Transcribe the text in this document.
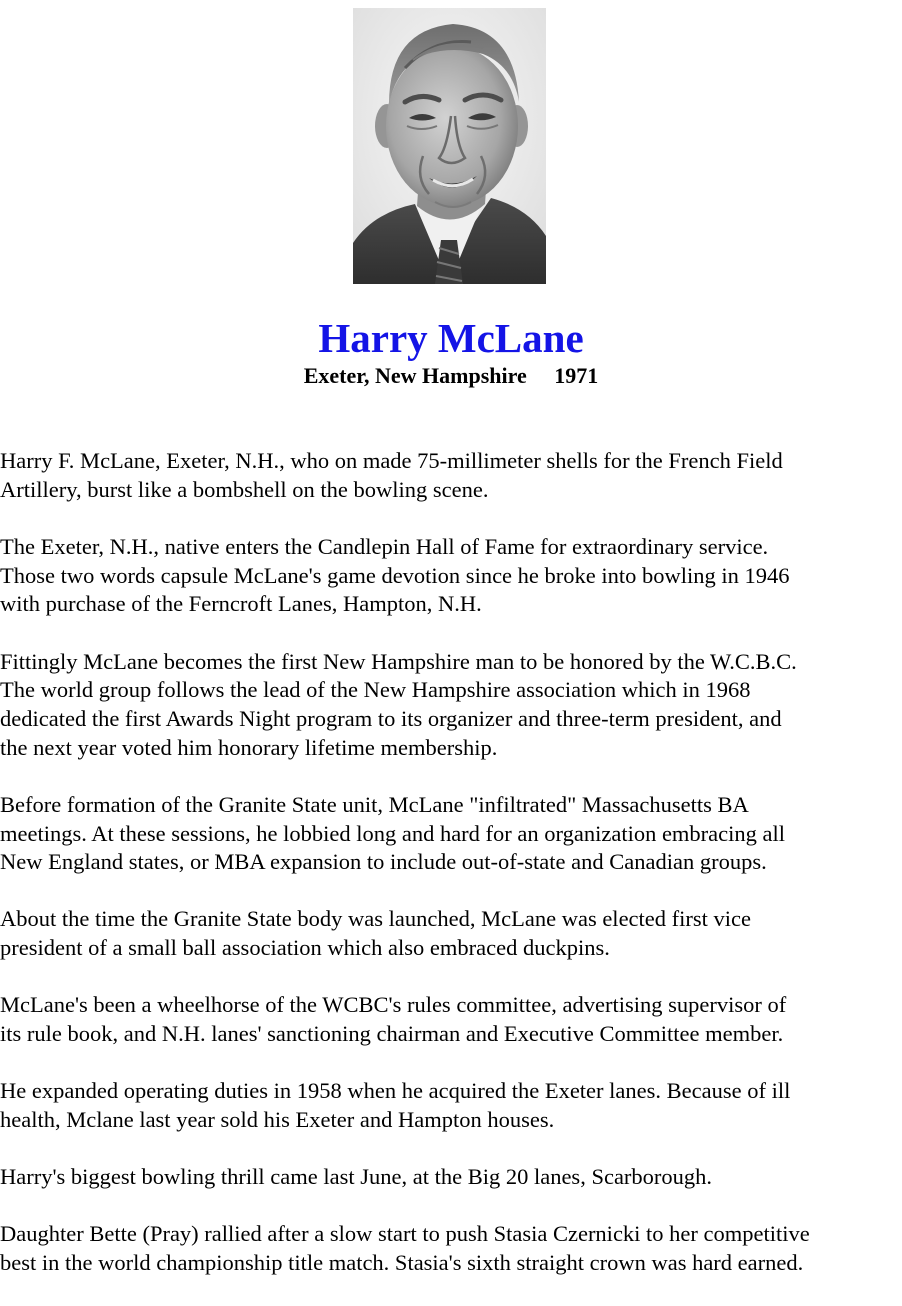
Harry McLane
Exeter, New Hampshire 1971

Harry F. McLane, Exeter, N.H., who on made 75-millimeter shells for the French Field
Artillery, burst like a bombshell on the bowling scene.

The Exeter, N.H., native enters the Candlepin Hall of Fame for extraordinary service.
Those two words capsule McLane's game devotion since he broke into bowling in 1946
with purchase of the Ferncroft Lanes, Hampton, N.H.

Fittingly McLane becomes the first New Hampshire man to be honored by the W.C.B.C.
The world group follows the lead of the New Hampshire association which in 1968
dedicated the first Awards Night program to its organizer and three-term president, and
the next year voted him honorary lifetime membership.

Before formation of the Granite State unit, McLane "infiltrated" Massachusetts BA
meetings. At these sessions, he lobbied long and hard for an organization embracing all
New England states, or MBA expansion to include out-of-state and Canadian groups.

About the time the Granite State body was launched, McLane was elected first vice
president of a small ball association which also embraced duckpins.

McLane's been a wheelhorse of the WCBC's rules committee, advertising supervisor of
its rule book, and N.H. lanes' sanctioning chairman and Executive Committee member.

He expanded operating duties in 1958 when he acquired the Exeter lanes. Because of ill
health, Mclane last year sold his Exeter and Hampton houses.

Harry's biggest bowling thrill came last June, at the Big 20 lanes, Scarborough.

Daughter Bette (Pray) rallied after a slow start to push Stasia Czernicki to her competitive
best in the world championship title match. Stasia's sixth straight crown was hard earned.
